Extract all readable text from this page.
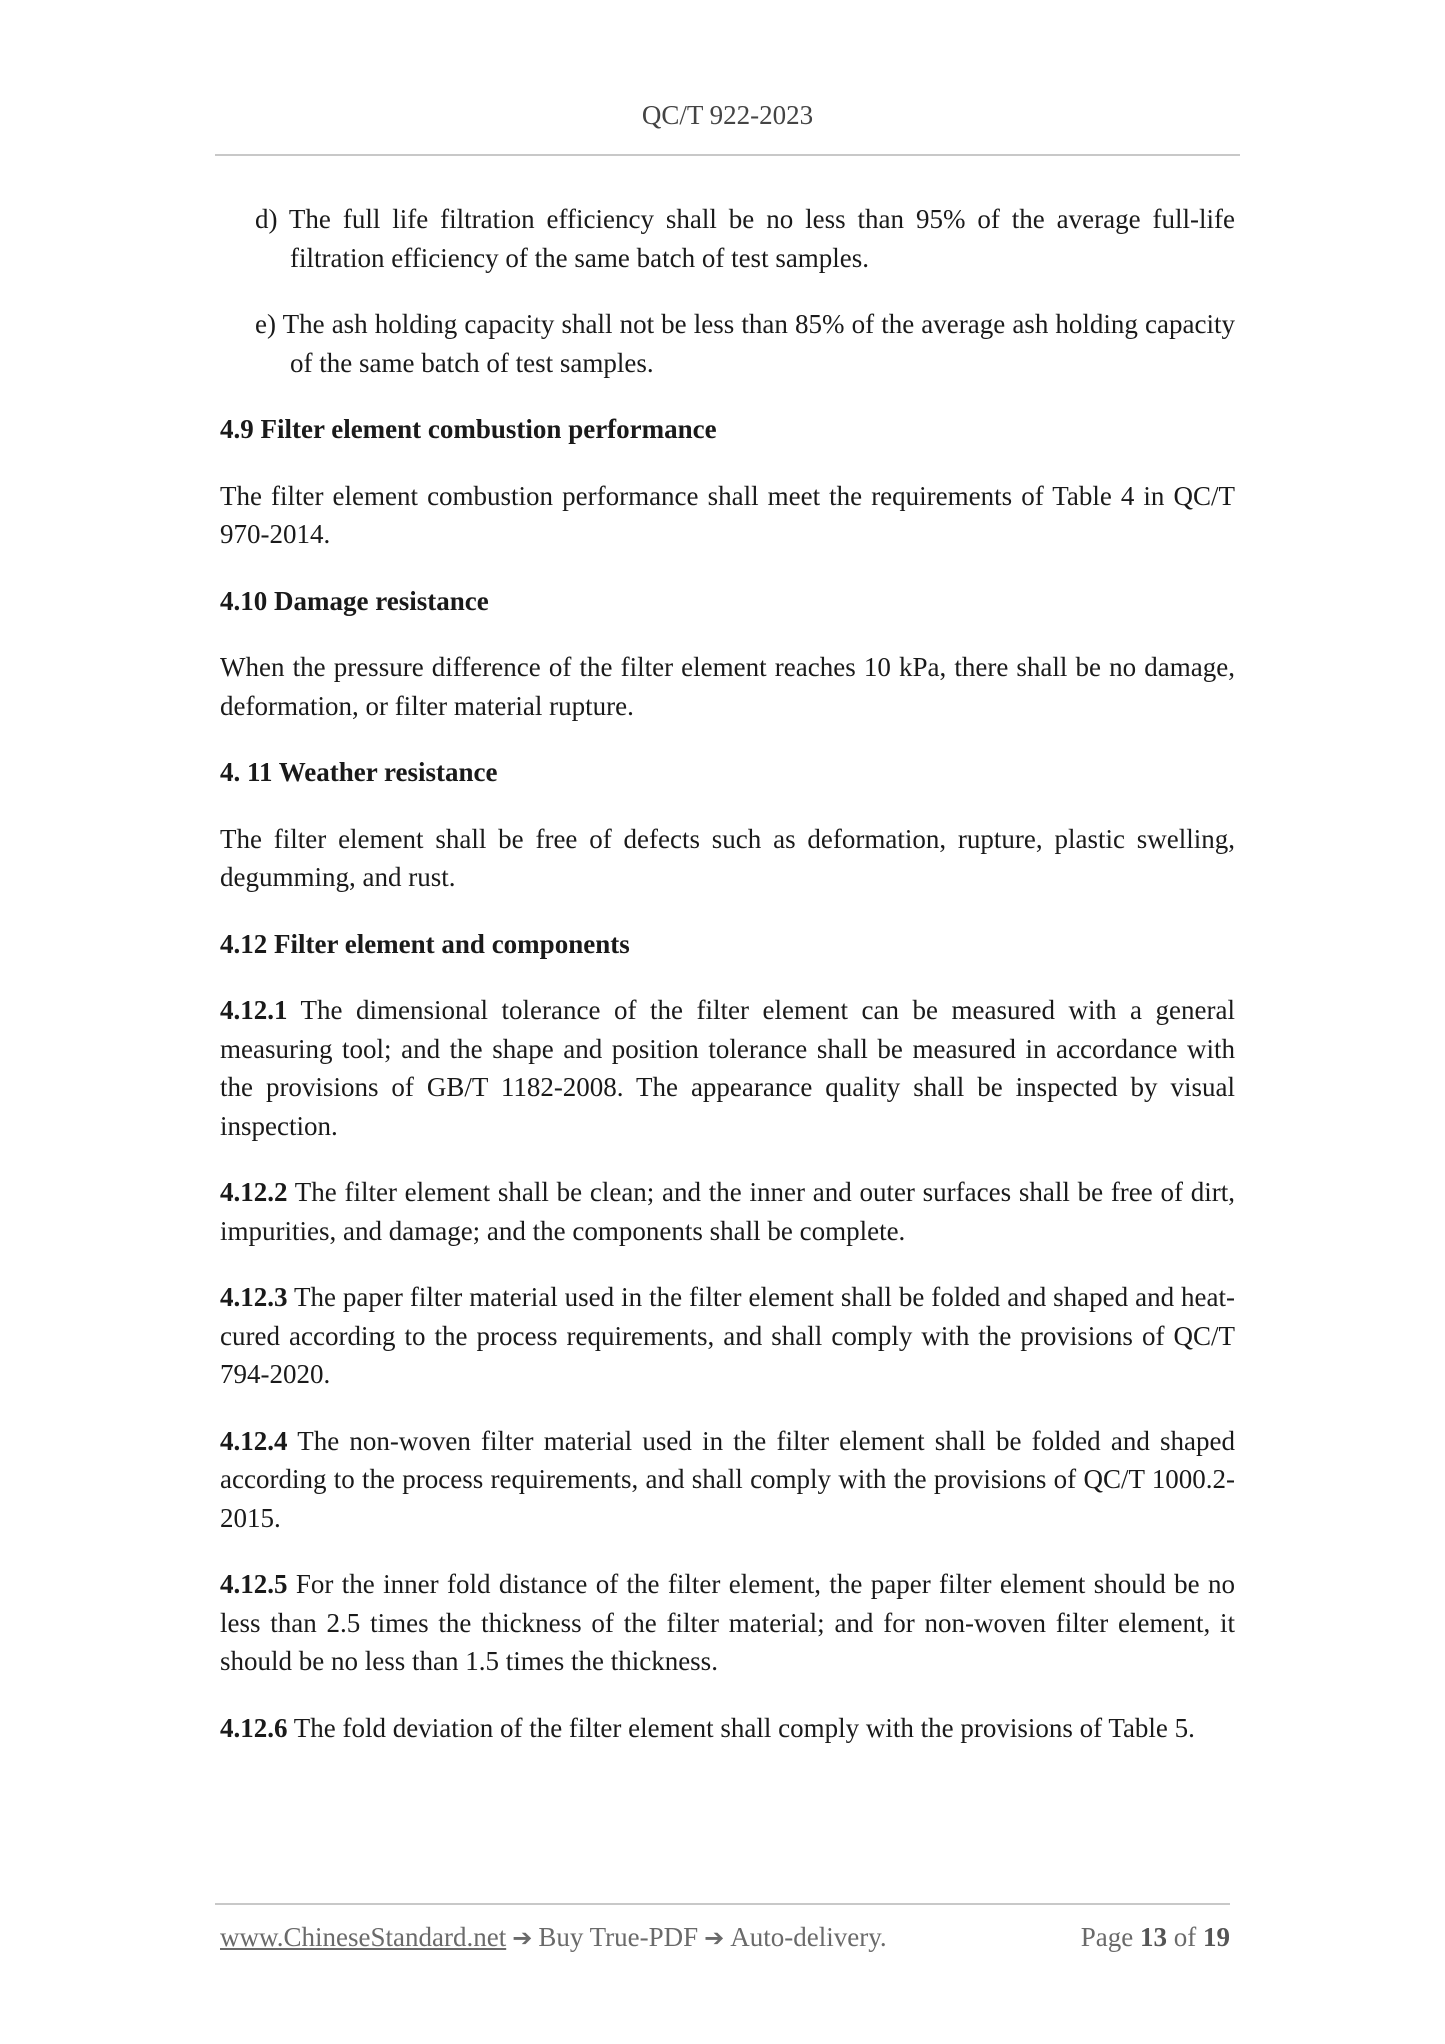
QC/T 922-2023

d) The full life filtration efficiency shall be no less than 95% of the average full-life filtration efficiency of the same batch of test samples.

e) The ash holding capacity shall not be less than 85% of the average ash holding capacity of the same batch of test samples.

4.9 Filter element combustion performance

The filter element combustion performance shall meet the requirements of Table 4 in QC/T 970-2014.

4.10 Damage resistance

When the pressure difference of the filter element reaches 10 kPa, there shall be no damage, deformation, or filter material rupture.

4. 11 Weather resistance

The filter element shall be free of defects such as deformation, rupture, plastic swelling, degumming, and rust.

4.12 Filter element and components

4.12.1 The dimensional tolerance of the filter element can be measured with a general measuring tool; and the shape and position tolerance shall be measured in accordance with the provisions of GB/T 1182-2008. The appearance quality shall be inspected by visual inspection.

4.12.2 The filter element shall be clean; and the inner and outer surfaces shall be free of dirt, impurities, and damage; and the components shall be complete.

4.12.3 The paper filter material used in the filter element shall be folded and shaped and heat-cured according to the process requirements, and shall comply with the provisions of QC/T 794-2020.

4.12.4 The non-woven filter material used in the filter element shall be folded and shaped according to the process requirements, and shall comply with the provisions of QC/T 1000.2-2015.

4.12.5 For the inner fold distance of the filter element, the paper filter element should be no less than 2.5 times the thickness of the filter material; and for non-woven filter element, it should be no less than 1.5 times the thickness.

4.12.6 The fold deviation of the filter element shall comply with the provisions of Table 5.

www.ChineseStandard.net ➔ Buy True-PDF ➔ Auto-delivery.	Page 13 of 19
